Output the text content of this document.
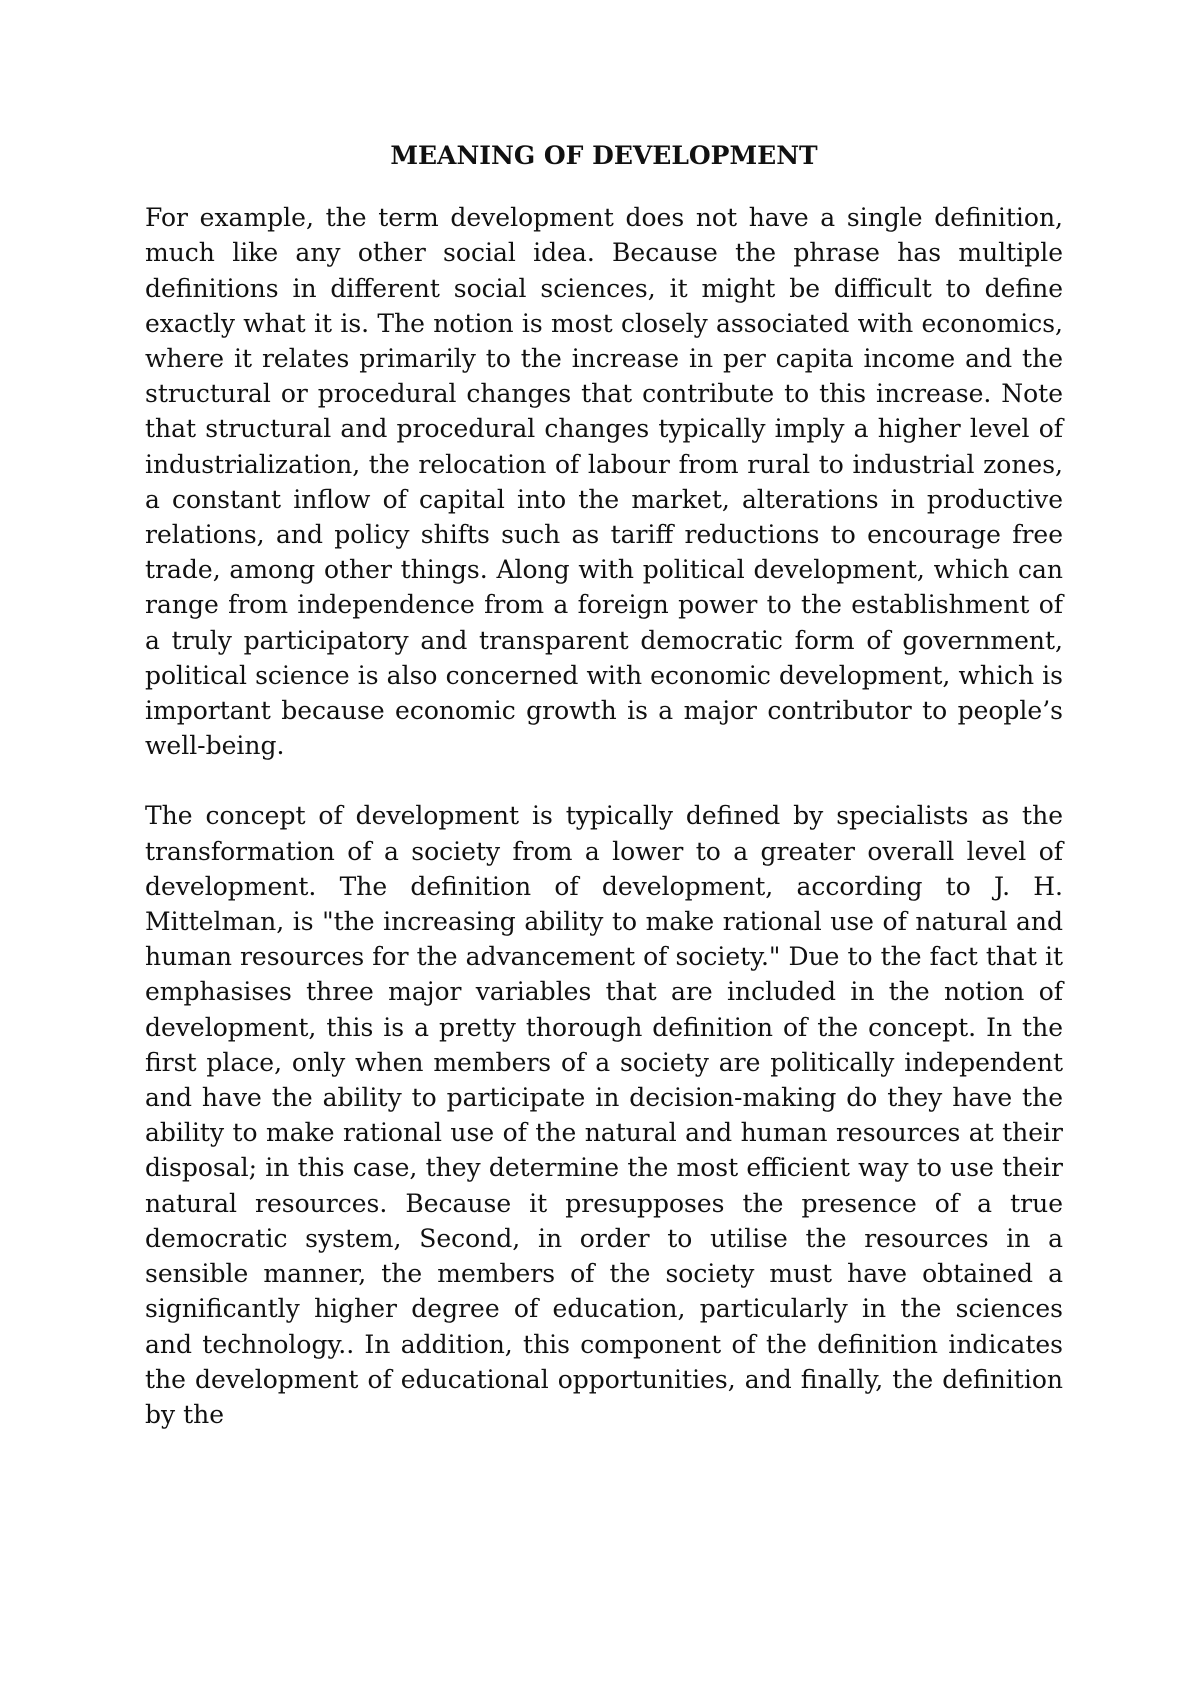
MEANING OF DEVELOPMENT

For example, the term development does not have a single definition, much like any other social idea. Because the phrase has multiple definitions in different social sciences, it might be difficult to define exactly what it is. The notion is most closely associated with economics, where it relates primarily to the increase in per capita income and the structural or procedural changes that contribute to this increase. Note that structural and procedural changes typically imply a higher level of industrialization, the relocation of labour from rural to industrial zones, a constant inflow of capital into the market, alterations in productive relations, and policy shifts such as tariff reductions to encourage free trade, among other things. Along with political development, which can range from independence from a foreign power to the establishment of a truly participatory and transparent democratic form of government, political science is also concerned with economic development, which is important because economic growth is a major contributor to people’s well-being.

The concept of development is typically defined by specialists as the transformation of a society from a lower to a greater overall level of development. The definition of development, according to J. H. Mittelman, is "the increasing ability to make rational use of natural and human resources for the advancement of society." Due to the fact that it emphasises three major variables that are included in the notion of development, this is a pretty thorough definition of the concept. In the first place, only when members of a society are politically independent and have the ability to participate in decision-making do they have the ability to make rational use of the natural and human resources at their disposal; in this case, they determine the most efficient way to use their natural resources. Because it presupposes the presence of a true democratic system, Second, in order to utilise the resources in a sensible manner, the members of the society must have obtained a significantly higher degree of education, particularly in the sciences and technology.. In addition, this component of the definition indicates the development of educational opportunities, and finally, the definition by the
